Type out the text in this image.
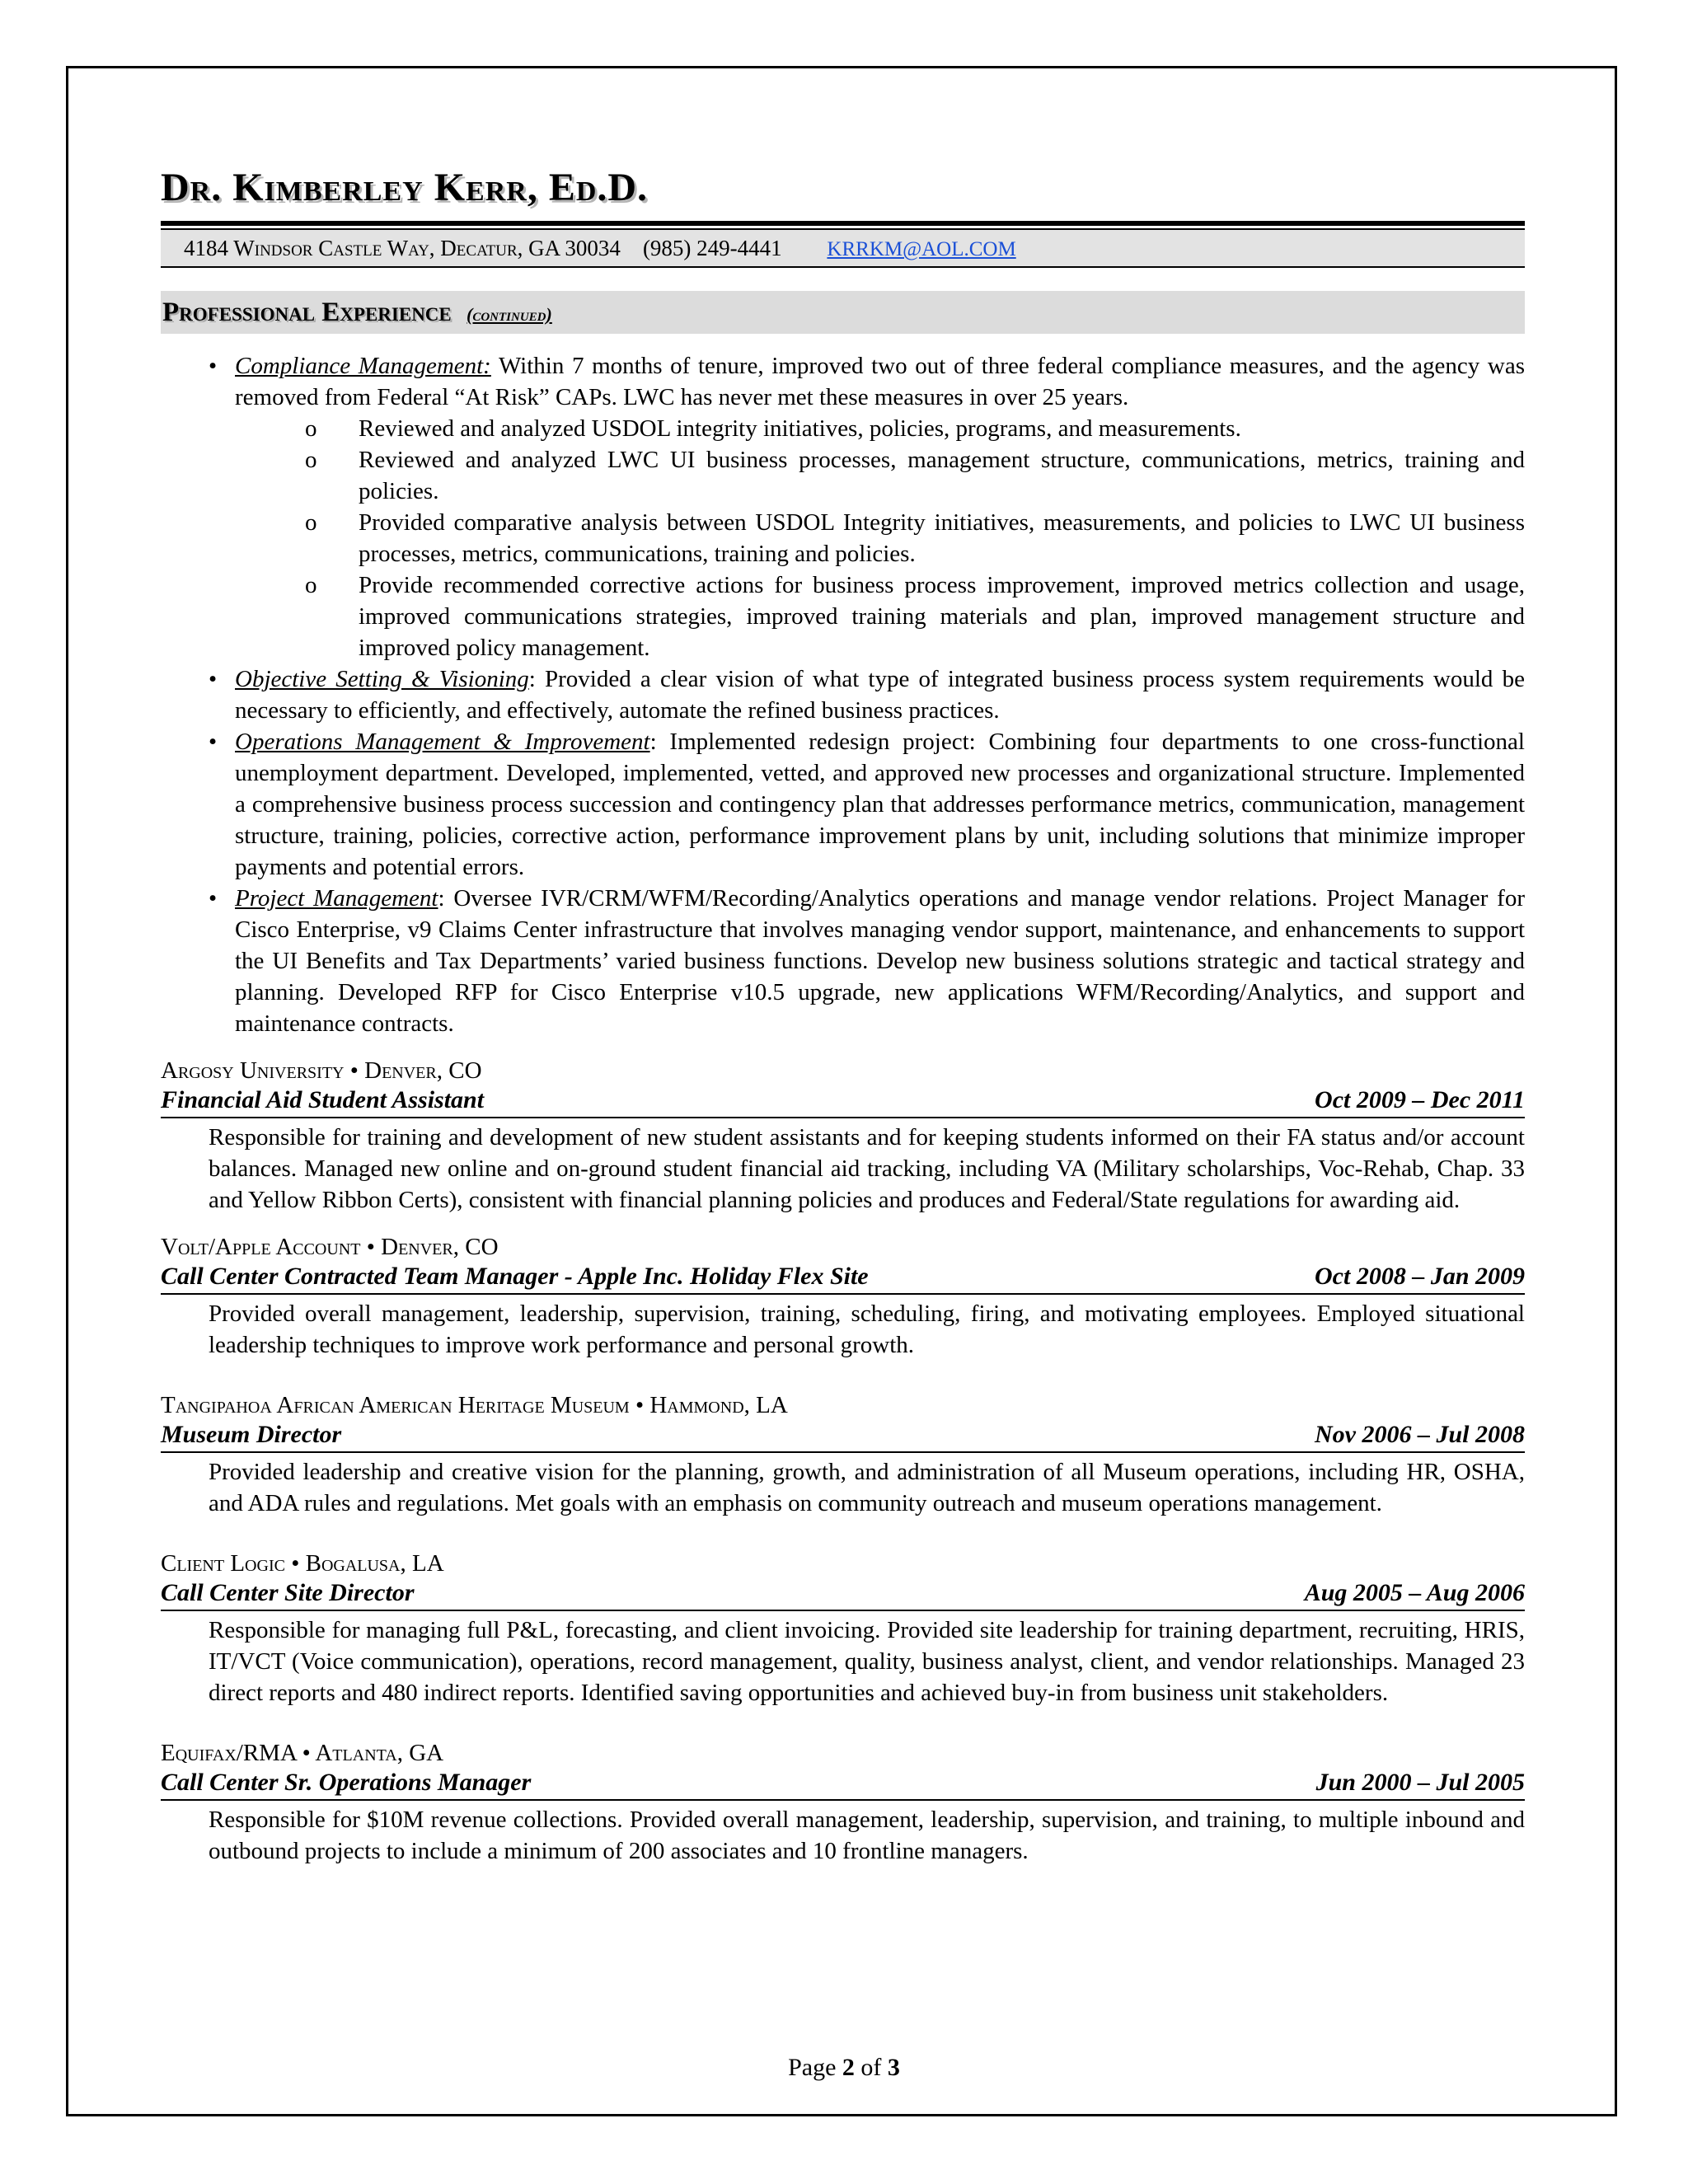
Dr. Kimberley Kerr, Ed.D.
4184 Windsor Castle Way, Decatur, GA 30034 (985) 249-4441 KRRKM@AOL.COM
Professional Experience (continued)
• Compliance Management: Within 7 months of tenure, improved two out of three federal compliance measures, and the agency was removed from Federal “At Risk” CAPs. LWC has never met these measures in over 25 years.
o Reviewed and analyzed USDOL integrity initiatives, policies, programs, and measurements.
o Reviewed and analyzed LWC UI business processes, management structure, communications, metrics, training and policies.
o Provided comparative analysis between USDOL Integrity initiatives, measurements, and policies to LWC UI business processes, metrics, communications, training and policies.
o Provide recommended corrective actions for business process improvement, improved metrics collection and usage, improved communications strategies, improved training materials and plan, improved management structure and improved policy management.
• Objective Setting & Visioning: Provided a clear vision of what type of integrated business process system requirements would be necessary to efficiently, and effectively, automate the refined business practices.
• Operations Management & Improvement: Implemented redesign project: Combining four departments to one cross-functional unemployment department. Developed, implemented, vetted, and approved new processes and organizational structure. Implemented a comprehensive business process succession and contingency plan that addresses performance metrics, communication, management structure, training, policies, corrective action, performance improvement plans by unit, including solutions that minimize improper payments and potential errors.
• Project Management: Oversee IVR/CRM/WFM/Recording/Analytics operations and manage vendor relations. Project Manager for Cisco Enterprise, v9 Claims Center infrastructure that involves managing vendor support, maintenance, and enhancements to support the UI Benefits and Tax Departments’ varied business functions. Develop new business solutions strategic and tactical strategy and planning. Developed RFP for Cisco Enterprise v10.5 upgrade, new applications WFM/Recording/Analytics, and support and maintenance contracts.
Argosy University • Denver, CO
Financial Aid Student Assistant	Oct 2009 – Dec 2011
Responsible for training and development of new student assistants and for keeping students informed on their FA status and/or account balances. Managed new online and on-ground student financial aid tracking, including VA (Military scholarships, Voc-Rehab, Chap. 33 and Yellow Ribbon Certs), consistent with financial planning policies and produces and Federal/State regulations for awarding aid.
Volt/Apple Account • Denver, CO
Call Center Contracted Team Manager - Apple Inc. Holiday Flex Site	Oct 2008 – Jan 2009
Provided overall management, leadership, supervision, training, scheduling, firing, and motivating employees. Employed situational leadership techniques to improve work performance and personal growth.
Tangipahoa African American Heritage Museum • Hammond, LA
Museum Director	Nov 2006 – Jul 2008
Provided leadership and creative vision for the planning, growth, and administration of all Museum operations, including HR, OSHA, and ADA rules and regulations. Met goals with an emphasis on community outreach and museum operations management.
Client Logic • Bogalusa, LA
Call Center Site Director	Aug 2005 – Aug 2006
Responsible for managing full P&L, forecasting, and client invoicing. Provided site leadership for training department, recruiting, HRIS, IT/VCT (Voice communication), operations, record management, quality, business analyst, client, and vendor relationships. Managed 23 direct reports and 480 indirect reports. Identified saving opportunities and achieved buy-in from business unit stakeholders.
Equifax/RMA • Atlanta, GA
Call Center Sr. Operations Manager	Jun 2000 – Jul 2005
Responsible for $10M revenue collections. Provided overall management, leadership, supervision, and training, to multiple inbound and outbound projects to include a minimum of 200 associates and 10 frontline managers.
Page 2 of 3
